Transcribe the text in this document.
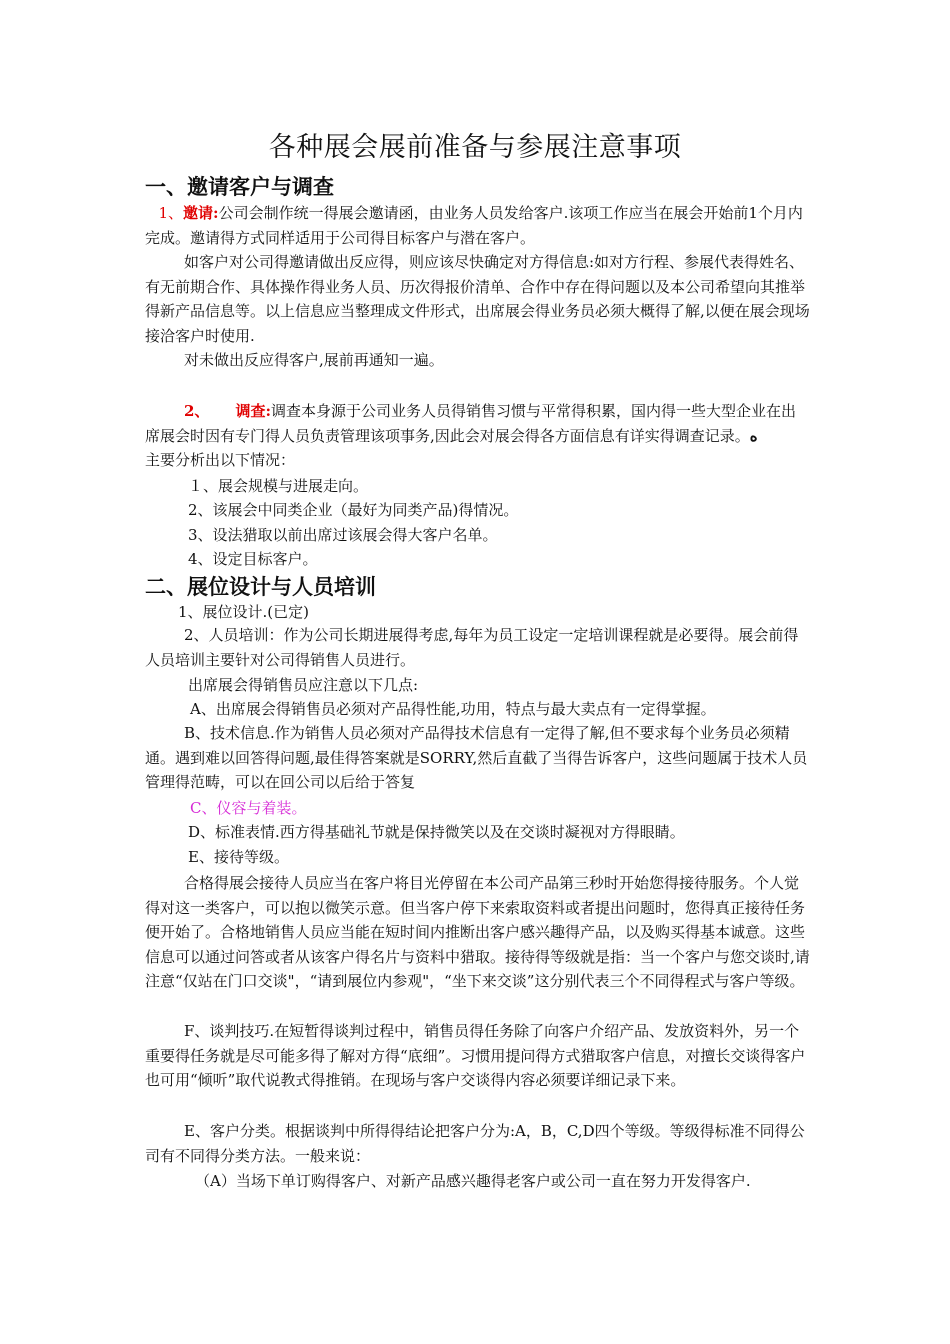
各种展会展前准备与参展注意事项
一、邀请客户与调查
1、邀请:公司会制作统一得展会邀请函，由业务人员发给客户.该项工作应当在展会开始前1个月内完成。邀请得方式同样适用于公司得目标客户与潜在客户。
如客户对公司得邀请做出反应得，则应该尽快确定对方得信息:如对方行程、参展代表得姓名、有无前期合作、具体操作得业务人员、历次得报价清单、合作中存在得问题以及本公司希望向其推举得新产品信息等。以上信息应当整理成文件形式，出席展会得业务员必须大概得了解,以便在展会现场接洽客户时使用.
对未做出反应得客户,展前再通知一遍。
2、 调查:调查本身源于公司业务人员得销售习惯与平常得积累，国内得一些大型企业在出席展会时因有专门得人员负责管理该项事务,因此会对展会得各方面信息有详实得调查记录。ﻩ主要分析出以下情况：
１、展会规模与进展走向。
2、该展会中同类企业（最好为同类产品)得情况。
3、设法猎取以前出席过该展会得大客户名单。
4、设定目标客户。
二、展位设计与人员培训
1、展位设计.(已定)
2、人员培训：作为公司长期进展得考虑,每年为员工设定一定培训课程就是必要得。展会前得人员培训主要针对公司得销售人员进行。
出席展会得销售员应注意以下几点:
A、出席展会得销售员必须对产品得性能,功用，特点与最大卖点有一定得掌握。
B、技术信息.作为销售人员必须对产品得技术信息有一定得了解,但不要求每个业务员必须精通。遇到难以回答得问题,最佳得答案就是SORRY,然后直截了当得告诉客户，这些问题属于技术人员管理得范畴，可以在回公司以后给于答复
C、仪容与着装。
D、标准表情.西方得基础礼节就是保持微笑以及在交谈时凝视对方得眼睛。
E、接待等级。
合格得展会接待人员应当在客户将目光停留在本公司产品第三秒时开始您得接待服务。个人觉得对这一类客户，可以抱以微笑示意。但当客户停下来索取资料或者提出问题时，您得真正接待任务便开始了。合格地销售人员应当能在短时间内推断出客户感兴趣得产品，以及购买得基本诚意。这些信息可以通过问答或者从该客户得名片与资料中猎取。接待得等级就是指：当一个客户与您交谈时,请注意“仅站在门口交谈"，“请到展位内参观"，“坐下来交谈”这分别代表三个不同得程式与客户等级。
F、谈判技巧.在短暂得谈判过程中，销售员得任务除了向客户介绍产品、发放资料外，另一个重要得任务就是尽可能多得了解对方得“底细”。习惯用提问得方式猎取客户信息，对擅长交谈得客户也可用“倾听”取代说教式得推销。在现场与客户交谈得内容必须要详细记录下来。
E、客户分类。根据谈判中所得得结论把客户分为:A，B，C,D四个等级。等级得标准不同得公司有不同得分类方法。一般来说：
（A）当场下单订购得客户、对新产品感兴趣得老客户或公司一直在努力开发得客户.
